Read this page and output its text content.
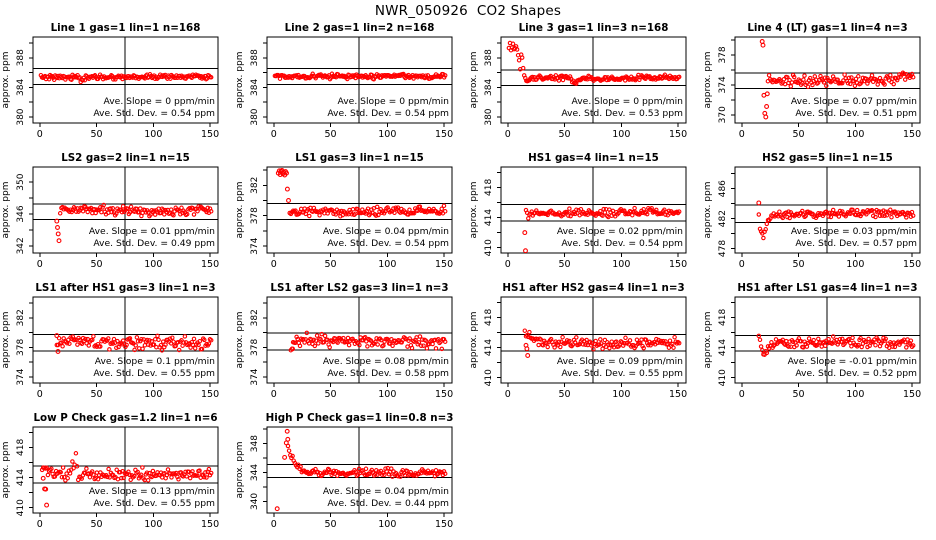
NWR_050926  CO2 Shapes
Line 1 gas=1 lin=1 n=168
380
384
388
approx. ppm
0	50	100	150
Ave. Slope = 0 ppm/min
Ave. Std. Dev. = 0.54 ppm
Line 2 gas=1 lin=2 n=168
380
384
388
approx. ppm
0	50	100	150
Ave. Slope = 0 ppm/min
Ave. Std. Dev. = 0.54 ppm
Line 3 gas=1 lin=3 n=168
380
384
388
approx. ppm
0	50	100	150
Ave. Slope = 0 ppm/min
Ave. Std. Dev. = 0.53 ppm
Line 4 (LT) gas=1 lin=4 n=3
370
374
378
approx. ppm
0	50	100	150
Ave. Slope = 0.07 ppm/min
Ave. Std. Dev. = 0.51 ppm
LS2 gas=2 lin=1 n=15
342
346
350
approx. ppm
0	50	100	150
Ave. Slope = 0.01 ppm/min
Ave. Std. Dev. = 0.49 ppm
LS1 gas=3 lin=1 n=15
374
378
382
approx. ppm
0	50	100	150
Ave. Slope = 0.04 ppm/min
Ave. Std. Dev. = 0.54 ppm
HS1 gas=4 lin=1 n=15
410
414
418
approx. ppm
0	50	100	150
Ave. Slope = 0.02 ppm/min
Ave. Std. Dev. = 0.54 ppm
HS2 gas=5 lin=1 n=15
478
482
486
approx. ppm
0	50	100	150
Ave. Slope = 0.03 ppm/min
Ave. Std. Dev. = 0.57 ppm
LS1 after HS1 gas=3 lin=1 n=3
374
378
382
approx. ppm
0	50	100	150
Ave. Slope = 0.1 ppm/min
Ave. Std. Dev. = 0.55 ppm
LS1 after LS2 gas=3 lin=1 n=3
374
378
382
approx. ppm
0	50	100	150
Ave. Slope = 0.08 ppm/min
Ave. Std. Dev. = 0.58 ppm
HS1 after HS2 gas=4 lin=1 n=3
410
414
418
approx. ppm
0	50	100	150
Ave. Slope = 0.09 ppm/min
Ave. Std. Dev. = 0.55 ppm
HS1 after LS1 gas=4 lin=1 n=3
410
414
418
approx. ppm
0	50	100	150
Ave. Slope = -0.01 ppm/min
Ave. Std. Dev. = 0.52 ppm
Low P Check gas=1.2 lin=1 n=6
410
414
418
approx. ppm
0	50	100	150
Ave. Slope = 0.13 ppm/min
Ave. Std. Dev. = 0.55 ppm
High P Check gas=1 lin=0.8 n=3
340
344
348
approx. ppm
0	50	100	150
Ave. Slope = 0.04 ppm/min
Ave. Std. Dev. = 0.44 ppm
